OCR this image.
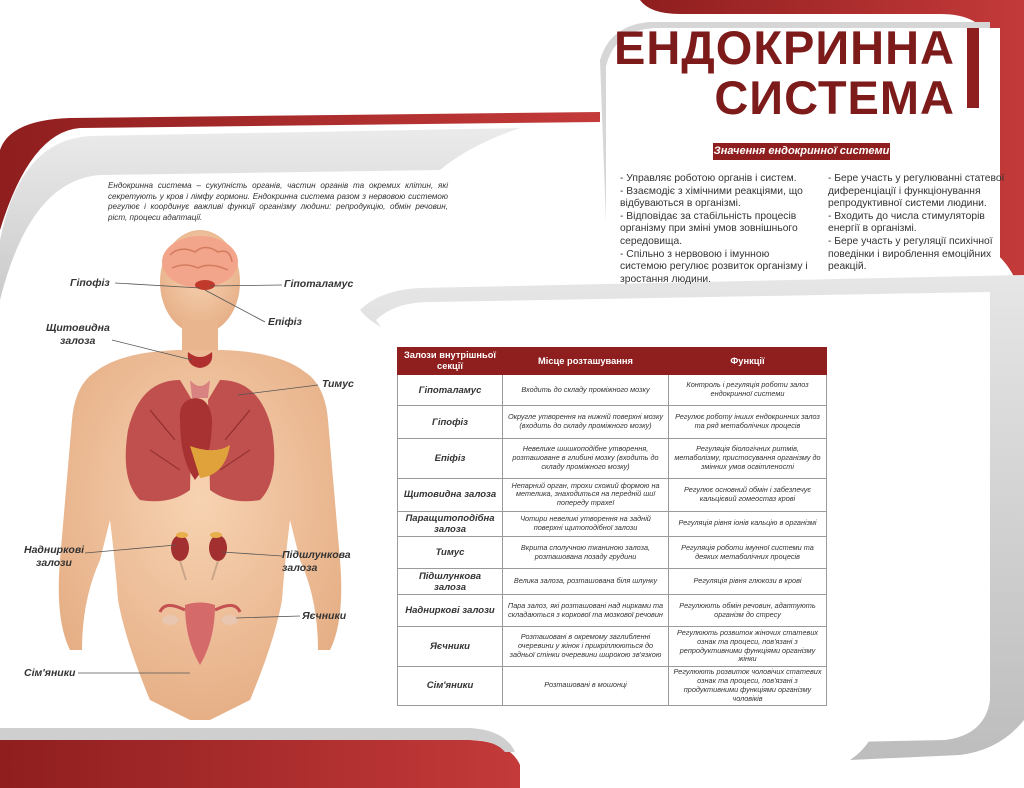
ЕНДОКРИННА
СИСТЕМА
Значення ендокринної системи

- Управляє роботою органів і систем.

- Взаємодіє з хімічними реакціями, що відбуваються в організмі.

- Відповідає за стабільність процесів організму при зміні умов зовнішнього середовища.

- Спільно з нервовою і імунною системою регулює розвиток організму і зростання людини.

- Бере участь у регулюванні статевої диференціації і функціонування репродуктивної системи людини.

- Входить до числа стимуляторів енергії в організмі.

- Бере участь у регуляції психічної поведінки і вироблення емоційних реакцій.

Ендокринна система – сукупність органів, частин органів та окремих клітин, які секретують у кров і лімфу гормони. Ендокринна система разом з нервовою системою регулює і координує важливі функції організму людини: репродукцію, обмін речовин, ріст, процеси адаптації.
Гіпофіз	Гіпоталамус
Епіфіз
Щитовидна
залоза
Тимус
Надниркові
залози
Підшлункова
залоза
Яєчники
Сім'яники
Залози внутрішньої секції	Місце розташування	Функції
Гіпоталамус	Входить до складу проміжного мозку	Контроль і регуляція роботи залоз ендокринної системи
Гіпофіз	Округле утворення на нижній поверхні мозку (входить до складу проміжного мозку)	Регулює роботу інших ендокринних залоз та ряд метаболічних процесів
Епіфіз	Невелике шишкоподібне утворення, розташоване в глибині мозку (входить до складу проміжного мозку)	Регуляція біологічних ритмів, метаболізму, пристосування організму до змінних умов освітленості
Щитовидна залоза	Непарний орган, трохи схожий формою на метелика, знаходиться на передній шиї попереду трахеї	Регулює основний обмін і забезпечує кальцієвий гомеостаз крові
Паращитоподібна залоза	Чотири невеликі утворення на задній поверхні щитоподібної залози	Регуляція рівня іонів кальцію в організмі
Тимус	Вкрита сполучною тканиною залоза, розташована позаду грудини	Регуляція роботи імунної системи та деяких метаболічних процесів
Підшлункова залоза	Велика залоза, розташована біля шлунку	Регуляція рівня глюкози в крові
Надниркові залози	Пара залоз, які розташовані над нирками та складаються з коркової та мозкової речовин	Регулюють обмін речовин, адаптують організм до стресу
Яєчники	Розташовані в окремому заглибленні очеревини у жінок і прикріплюються до задньої стінки очеревини широкою зв'язкою	Регулюють розвиток жіночих статевих ознак та процеси, пов'язані з репродуктивними функціями організму жінки
Сім'яники	Розташовані в мошонці	Регулюють розвиток чоловічих статевих ознак та процеси, пов'язані з продуктивними функціями організму чоловіків
